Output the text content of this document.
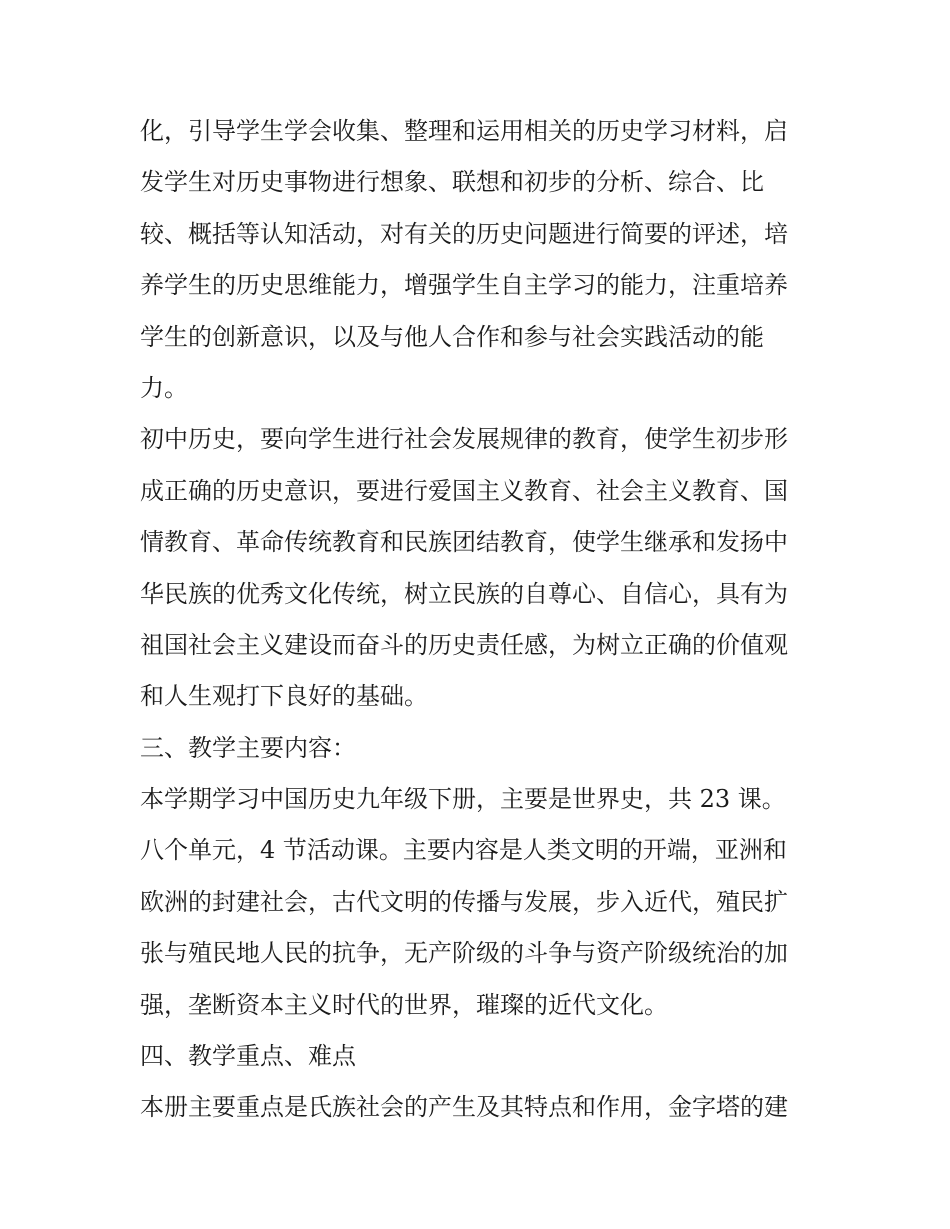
化，引导学生学会收集、整理和运用相关的历史学习材料，启
发学生对历史事物进行想象、联想和初步的分析、综合、比
较、概括等认知活动，对有关的历史问题进行简要的评述，培
养学生的历史思维能力，增强学生自主学习的能力，注重培养
学生的创新意识，以及与他人合作和参与社会实践活动的能
力。
初中历史，要向学生进行社会发展规律的教育，使学生初步形
成正确的历史意识，要进行爱国主义教育、社会主义教育、国
情教育、革命传统教育和民族团结教育，使学生继承和发扬中
华民族的优秀文化传统，树立民族的自尊心、自信心，具有为
祖国社会主义建设而奋斗的历史责任感，为树立正确的价值观
和人生观打下良好的基础。
三、教学主要内容：
本学期学习中国历史九年级下册，主要是世界史，共 23 课。
八个单元，4 节活动课。主要内容是人类文明的开端，亚洲和
欧洲的封建社会，古代文明的传播与发展，步入近代，殖民扩
张与殖民地人民的抗争，无产阶级的斗争与资产阶级统治的加
强，垄断资本主义时代的世界，璀璨的近代文化。
四、教学重点、难点
本册主要重点是氏族社会的产生及其特点和作用，金字塔的建
